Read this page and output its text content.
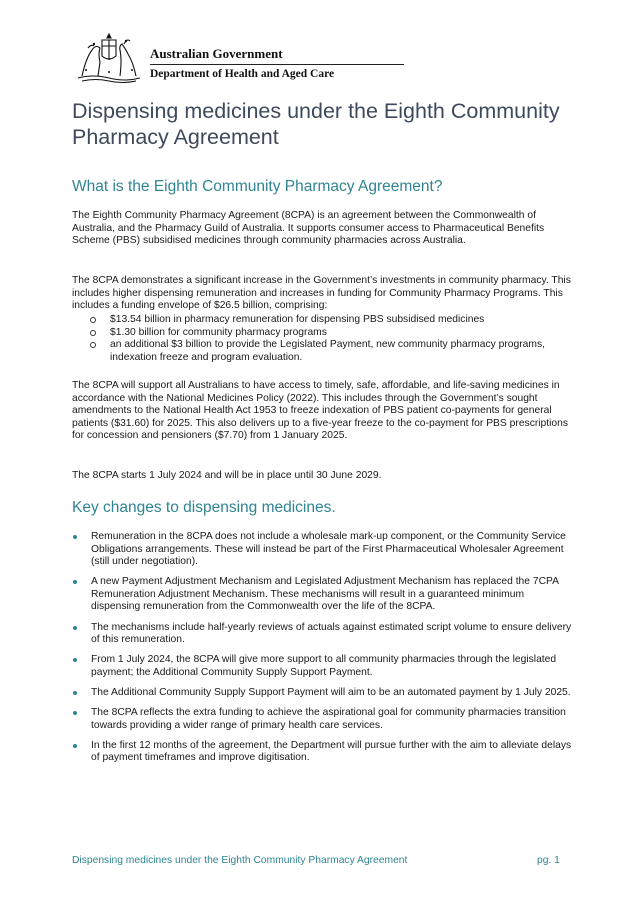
Australian Government
Department of Health and Aged Care
Dispensing medicines under the Eighth Community Pharmacy Agreement
What is the Eighth Community Pharmacy Agreement?

The Eighth Community Pharmacy Agreement (8CPA) is an agreement between the Commonwealth of Australia, and the Pharmacy Guild of Australia. It supports consumer access to Pharmaceutical Benefits Scheme (PBS) subsidised medicines through community pharmacies across Australia.

The 8CPA demonstrates a significant increase in the Government’s investments in community pharmacy. This includes higher dispensing remuneration and increases in funding for Community Pharmacy Programs. This includes a funding envelope of $26.5 billion, comprising:

$13.54 billion in pharmacy remuneration for dispensing PBS subsidised medicines
$1.30 billion for community pharmacy programs
an additional $3 billion to provide the Legislated Payment, new community pharmacy programs, indexation freeze and program evaluation.

The 8CPA will support all Australians to have access to timely, safe, affordable, and life-saving medicines in accordance with the National Medicines Policy (2022). This includes through the Government’s sought amendments to the National Health Act 1953 to freeze indexation of PBS patient co-payments for general patients ($31.60) for 2025. This also delivers up to a five-year freeze to the co-payment for PBS prescriptions for concession and pensioners ($7.70) from 1 January 2025.

The 8CPA starts 1 July 2024 and will be in place until 30 June 2029.

Key changes to dispensing medicines.
Remuneration in the 8CPA does not include a wholesale mark-up component, or the Community Service Obligations arrangements. These will instead be part of the First Pharmaceutical Wholesaler Agreement (still under negotiation).
A new Payment Adjustment Mechanism and Legislated Adjustment Mechanism has replaced the 7CPA Remuneration Adjustment Mechanism. These mechanisms will result in a guaranteed minimum dispensing remuneration from the Commonwealth over the life of the 8CPA.
The mechanisms include half-yearly reviews of actuals against estimated script volume to ensure delivery of this remuneration.
From 1 July 2024, the 8CPA will give more support to all community pharmacies through the legislated payment; the Additional Community Supply Support Payment.
The Additional Community Supply Support Payment will aim to be an automated payment by 1 July 2025.
The 8CPA reflects the extra funding to achieve the aspirational goal for community pharmacies transition towards providing a wider range of primary health care services.
In the first 12 months of the agreement, the Department will pursue further with the aim to alleviate delays of payment timeframes and improve digitisation.
Dispensing medicines under the Eighth Community Pharmacy Agreement	pg. 1
